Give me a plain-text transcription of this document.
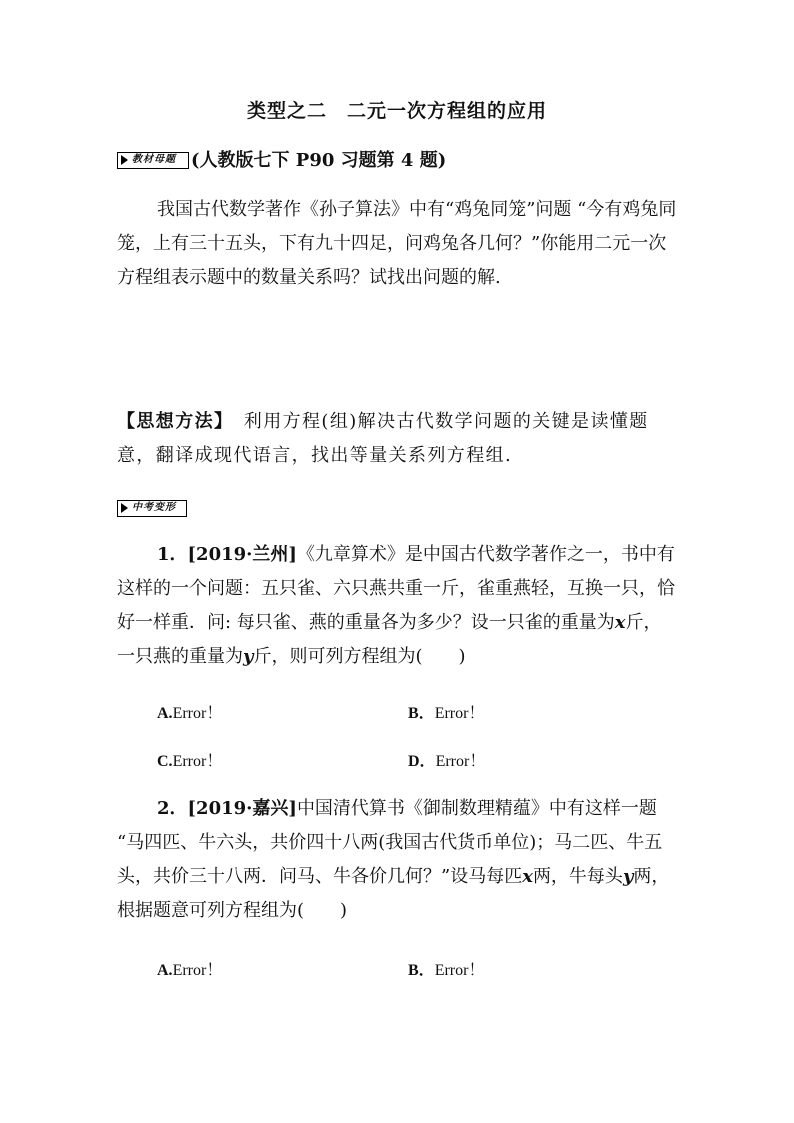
类型之二　二元一次方程组的应用
教材母题 (人教版七下 P90 习题第 4 题)
我国古代数学著作《孙子算法》中有“鸡兔同笼”问题 “今有鸡兔同笼，上有三十五头，下有九十四足，问鸡兔各几何？”你能用二元一次方程组表示题中的数量关系吗？试找出问题的解.
【思想方法】　利用方程(组)解决古代数学问题的关键是读懂题意，翻译成现代语言，找出等量关系列方程组.
中考变形
1．[2019·兰州]《九章算术》是中国古代数学著作之一，书中有这样的一个问题：五只雀、六只燕共重一斤，雀重燕轻，互换一只，恰好一样重．问: 每只雀、燕的重量各为多少？设一只雀的重量为x斤，一只燕的重量为y斤，则可列方程组为(　　)
A.Error！	B．Error！
C.Error！	D．Error！
2．[2019·嘉兴]中国清代算书《御制数理精蕴》中有这样一题 “马四匹、牛六头，共价四十八两(我国古代货币单位)；马二匹、牛五头，共价三十八两．问马、牛各价几何？”设马每匹x两，牛每头y两，根据题意可列方程组为(　　)
A.Error！	B．Error！
